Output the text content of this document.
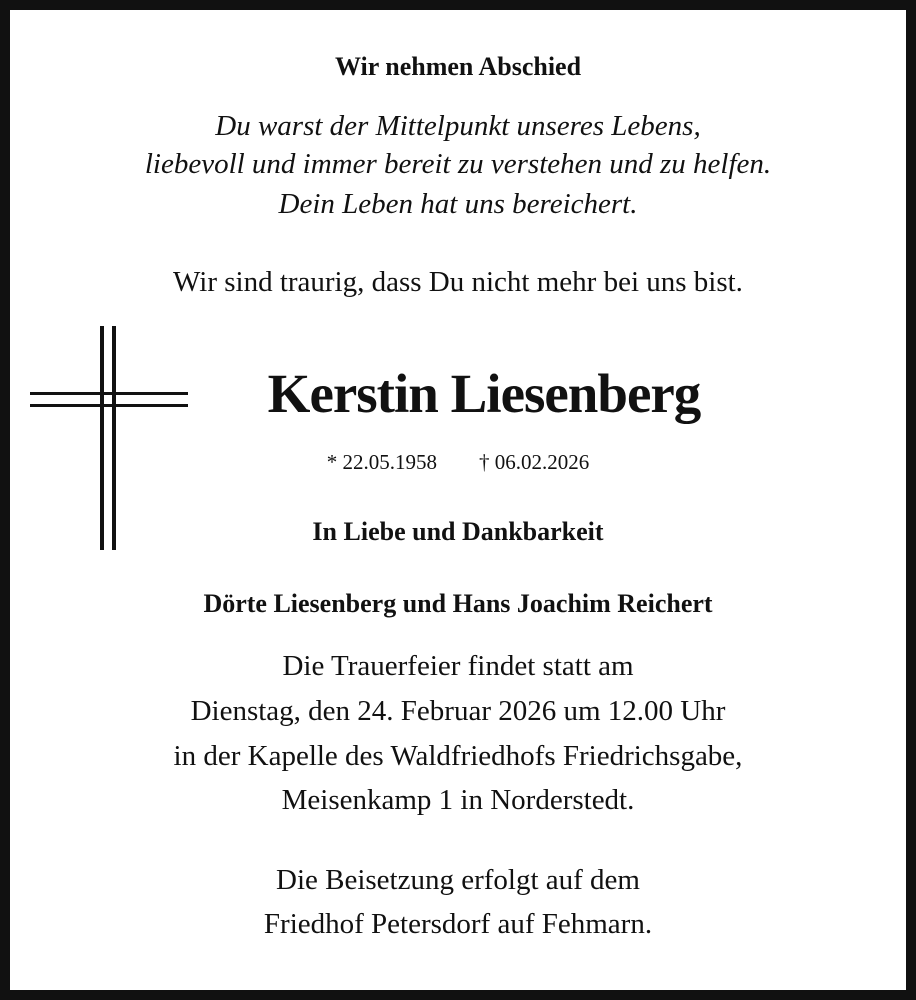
Wir nehmen Abschied
Du warst der Mittelpunkt unseres Lebens,
liebevoll und immer bereit zu verstehen und zu helfen.
Dein Leben hat uns bereichert.
Wir sind traurig, dass Du nicht mehr bei uns bist.
Kerstin Liesenberg
* 22.05.1958 † 06.02.2026
In Liebe und Dankbarkeit
Dörte Liesenberg und Hans Joachim Reichert
Die Trauerfeier findet statt am
Dienstag, den 24. Februar 2026 um 12.00 Uhr
in der Kapelle des Waldfriedhofs Friedrichsgabe,
Meisenkamp 1 in Norderstedt.
Die Beisetzung erfolgt auf dem
Friedhof Petersdorf auf Fehmarn.
